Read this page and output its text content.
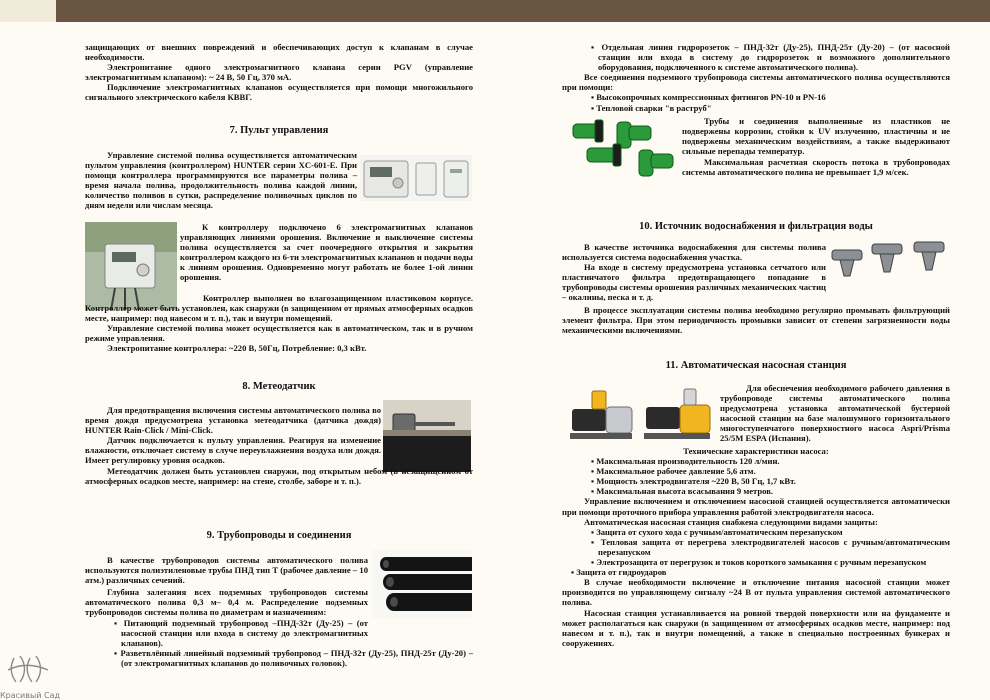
защищающих от внешних повреждений и обеспечивающих доступ к клапанам в случае необходимости.

Электропитание одного электромагнитного клапана серии PGV (управление электромагнитным клапаном): ~ 24 В, 50 Гц, 370 мА.

Подключение электромагнитных клапанов осуществляется при помощи многожильного сигнального электрического кабеля КВВГ.

7. Пульт управления

Управление системой полива осуществляется автоматическим пультом управления (контроллером) HUNTER серии XC-601-E. При помощи контроллера программируются все параметры полива – время начала полива, продолжительность полива каждой линии, количество поливов в сутки, распределение поливочных циклов по дням недели или числам месяца.

К контроллеру подключено 6 электромагнитных клапанов управляющих линиями орошения. Включение и выключение системы полива осуществляется за счет поочередного открытия и закрытия контроллером каждого из 6-ти электромагнитных клапанов и подачи воды к линиям орошения. Одновременно могут работать не более 1-ой линии орошения.

Контроллер выполнен во влагозащищенном пластиковом корпусе. Контроллер может быть установлен, как снаружи (в защищенном от прямых атмосферных осадков месте, например: под навесом и т. п.), так и внутри помещений.

Управление системой полива может осуществляется как в автоматическом, так и в ручном режиме управления.

Электропитание контроллера: ~220 В, 50Гц, Потребление: 0,3 кВт.

8. Метеодатчик

Для предотвращения включения системы автоматического полива во время дождя предусмотрена установка метеодатчика (датчика дождя) HUNTER Rain-Click / Mini-Click.

Датчик подключается к пульту управления. Реагируя на изменение влажности, отключает систему в случе переувлажнения воздуха или дождя. Имеет регулировку уровня осадков.

Метеодатчик должен быть установлен снаружи, под открытым небом (в незащищенном от атмосферных осадков месте, например: на стене, столбе, заборе и т. п.).

9. Трубопроводы и соединения

В качестве трубопроводов системы автоматического полива используются полиэтиленовые трубы ПНД тип Т (рабочее давление – 10 атм.) различных сечений.

Глубина залегания всех подземных трубопроводов системы автоматического полива 0,3 м– 0,4 м. Распределение подземных трубопроводов системы полива по диаметрам и назначениям:

▪ Питающий подземный трубопровод –ПНД-32т (Ду-25) – (от насосной станции или входа в систему до электромагнитных клапанов).

▪ Разветвлённый линейный подземный трубопровод – ПНД-32т (Ду-25), ПНД-25т (Ду-20) – (от электромагнитных клапанов до поливочных головок).

▪ Отдельная линия гидророзеток – ПНД-32т (Ду-25), ПНД-25т (Ду-20) – (от насосной станции или входа в систему до гидророзеток и возможного дополнительного оборудования, подключенного к системе автоматического полива).

Все соединения подземного трубопровода системы автоматического полива осуществляются при помощи:

▪ Высокопрочных компрессионных фитингов PN-10 и PN-16

▪ Тепловой сварки "в раструб"

Трубы и соединения выполненные из пластиков не подвержены коррозии, стойки к UV излучению, пластичны и не подвержены механическим воздействиям, а также выдерживают сильные перепады температур.

Максимальная расчетная скорость потока в трубопроводах системы автоматического полива не превышает 1,9 м/сек.

10. Источник водоснабжения и фильтрация воды

В качестве источника водоснабжения для системы полива используется система водоснабжения участка.

На входе в систему предусмотрена установка сетчатого или пластинчатого фильтра предотвращающего попадание в трубопроводы системы орошения различных механических частиц – окалины, песка и т. д.

В процессе эксплуатации системы полива необходимо регулярно промывать фильтрующий элемент фильтра. При этом периодичность промывки зависит от степени загрязненности воды механическими включениями.

11. Автоматическая насосная станция

Для обеспечения необходимого рабочего давления в трубопроводе системы автоматического полива предусмотрена установка автоматической бустерной насосной станции на базе малошумного горизонтального многоступенчатого поверхностного насоса Aspri/Prisma 25/5M ESPA (Испания).

Технические характеристики насоса:

▪ Максимальная производительность 120 л/мин.

▪ Максимальное рабочее давление 5,6 атм.

▪ Мощность электродвигателя ~220 В, 50 Гц, 1,7 кВт.

▪ Максимальная высота всасывания 9 метров.

Управление включением и отключением насосной станцией осуществляется автоматически при помощи проточного прибора управления работой электродвигателя насоса.

Автоматическая насосная станция снабжена следующими видами защиты:

▪ Защита от сухого хода с ручным/автоматическим перезапуском

▪ Тепловая защита от перегрева электродвигателей насосов с ручным/автоматическим перезапуском

▪ Электрозащита от перегрузок и токов короткого замыкания с ручным перезапуском

▪ Защита от гидроударов

В случае необходимости включение и отключение питания насосной станции может производится по управляющему сигналу ~24 В от пульта управления системой автоматического полива.

Насосная станция устанавливается на ровной твердой поверхности или на фундаменте и может располагаться как снаружи (в защищенном от атмосферных осадков месте, например: под навесом и т. п.), так и внутри помещений, а также в специально построенных бункерах и сооружениях.

Красивый Сад
